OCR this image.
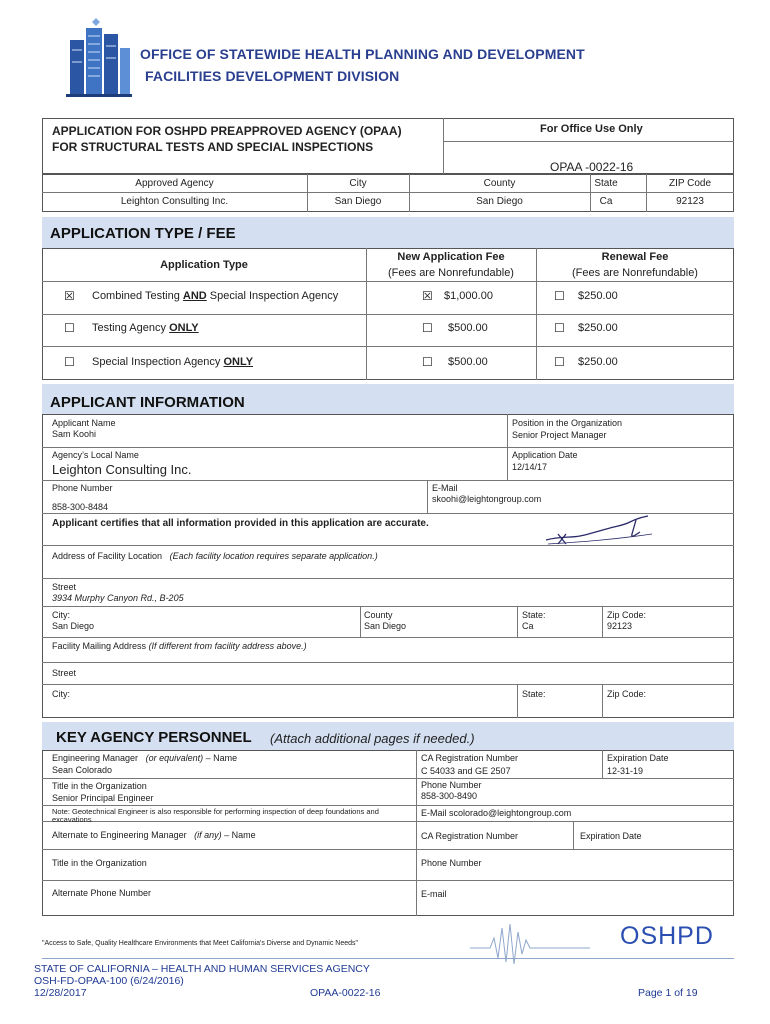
OFFICE OF STATEWIDE HEALTH PLANNING AND DEVELOPMENT
FACILITIES DEVELOPMENT DIVISION
APPLICATION FOR OSHPD PREAPPROVED AGENCY (OPAA)
FOR STRUCTURAL TESTS AND SPECIAL INSPECTIONS
For Office Use Only
OPAA -0022-16
Approved Agency	City	County	State	ZIP Code
Leighton Consulting Inc.	San Diego	San Diego	Ca	92123
APPLICATION TYPE / FEE
Application Type
New Application Fee
(Fees are Nonrefundable)
Renewal Fee
(Fees are Nonrefundable)
☒ Combined Testing AND Special Inspection Agency	☒ $1,000.00	☐ $250.00
☐ Testing Agency ONLY	☐ $500.00	☐ $250.00
☐ Special Inspection Agency ONLY	☐ $500.00	☐ $250.00
APPLICANT INFORMATION
Applicant Name
Sam Koohi
Position in the Organization
Senior Project Manager
Agency’s Local Name
Leighton Consulting Inc.
Application Date
12/14/17
Phone Number
858-300-8484
E-Mail
skoohi@leightongroup.com
Applicant certifies that all information provided in this application are accurate.
Address of Facility Location (Each facility location requires separate application.)
Street
3934 Murphy Canyon Rd., B-205
City:
San Diego
County
San Diego
State:
Ca
Zip Code:
92123
Facility Mailing Address (If different from facility address above.)
Street
City:	State:	Zip Code:
KEY AGENCY PERSONNEL (Attach additional pages if needed.)
Engineering Manager (or equivalent) – Name
Sean Colorado
CA Registration Number
C 54033 and GE 2507
Expiration Date
12-31-19
Title in the Organization
Senior Principal Engineer
Phone Number
858-300-8490
Note: Geotechnical Engineer is also responsible for performing inspection of deep foundations and excavations
E-Mail scolorado@leightongroup.com
Alternate to Engineering Manager (if any) – Name	CA Registration Number	Expiration Date
Title in the Organization	Phone Number
Alternate Phone Number	E-mail
"Access to Safe, Quality Healthcare Environments that Meet California's Diverse and Dynamic Needs"	OSHPD
STATE OF CALIFORNIA – HEALTH AND HUMAN SERVICES AGENCY
OSH-FD-OPAA-100 (6/24/2016)
12/28/2017	OPAA-0022-16	Page 1 of 19
